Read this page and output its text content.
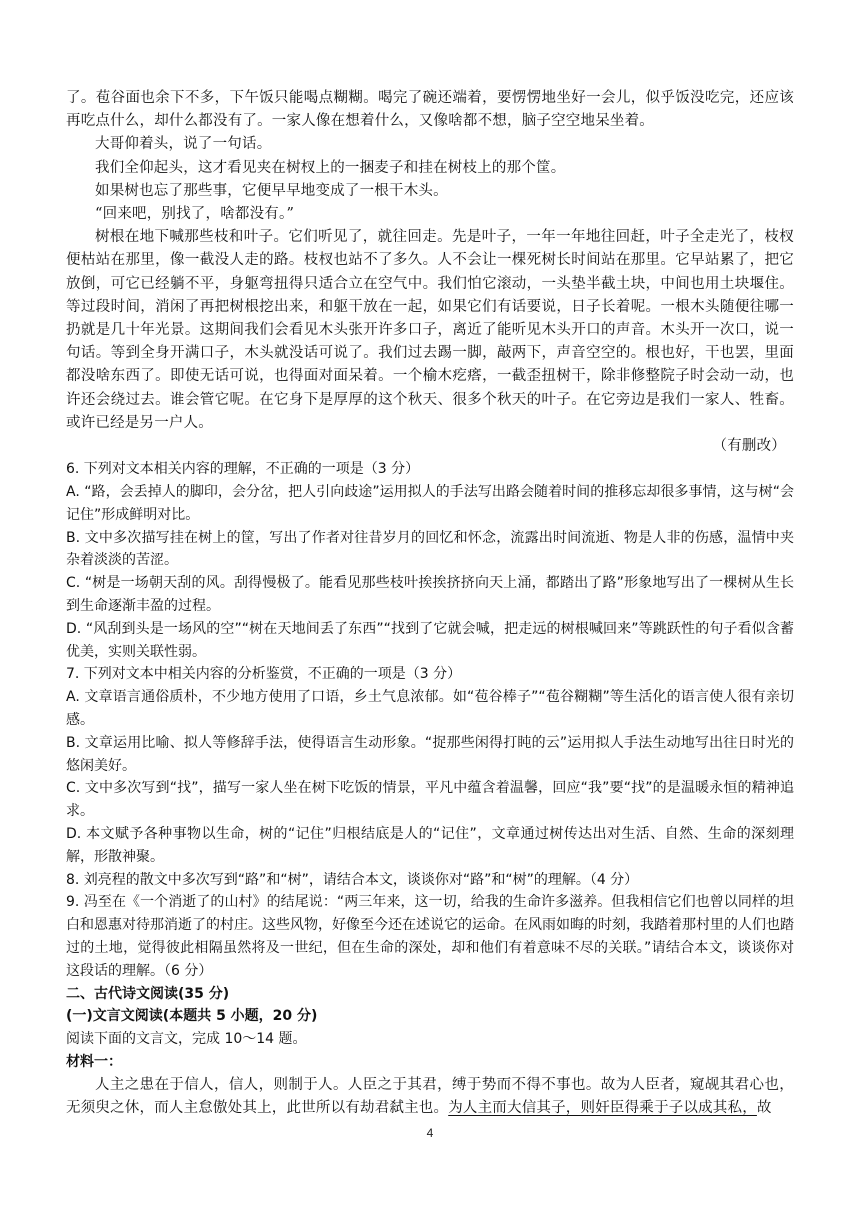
了。苞谷面也余下不多，下午饭只能喝点糊糊。喝完了碗还端着，要愣愣地坐好一会儿，似乎饭没吃完，还应该再吃点什么，却什么都没有了。一家人像在想着什么，又像啥都不想，脑子空空地呆坐着。

大哥仰着头，说了一句话。

我们全仰起头，这才看见夹在树杈上的一捆麦子和挂在树枝上的那个筐。

如果树也忘了那些事，它便早早地变成了一根干木头。

“回来吧，别找了，啥都没有。”

树根在地下喊那些枝和叶子。它们听见了，就往回走。先是叶子，一年一年地往回赶，叶子全走光了，枝杈便枯站在那里，像一截没人走的路。枝杈也站不了多久。人不会让一棵死树长时间站在那里。它早站累了，把它放倒，可它已经躺不平，身躯弯扭得只适合立在空气中。我们怕它滚动，一头垫半截土块，中间也用土块堰住。等过段时间，消闲了再把树根挖出来，和躯干放在一起，如果它们有话要说，日子长着呢。一根木头随便往哪一扔就是几十年光景。这期间我们会看见木头张开许多口子，离近了能听见木头开口的声音。木头开一次口，说一句话。等到全身开满口子，木头就没话可说了。我们过去踢一脚，敲两下，声音空空的。根也好，干也罢，里面都没啥东西了。即使无话可说，也得面对面呆着。一个榆木疙瘩，一截歪扭树干，除非修整院子时会动一动，也许还会绕过去。谁会管它呢。在它身下是厚厚的这个秋天、很多个秋天的叶子。在它旁边是我们一家人、牲畜。或许已经是另一户人。

（有删改）

6. 下列对文本相关内容的理解，不正确的一项是（3 分）

A. “路，会丢掉人的脚印，会分岔，把人引向歧途”运用拟人的手法写出路会随着时间的推移忘却很多事情，这与树“会记住”形成鲜明对比。

B. 文中多次描写挂在树上的筐，写出了作者对往昔岁月的回忆和怀念，流露出时间流逝、物是人非的伤感，温情中夹杂着淡淡的苦涩。

C. “树是一场朝天刮的风。刮得慢极了。能看见那些枝叶挨挨挤挤向天上涌，都踏出了路”形象地写出了一棵树从生长到生命逐渐丰盈的过程。

D. “风刮到头是一场风的空”“树在天地间丢了东西”“找到了它就会喊，把走远的树根喊回来”等跳跃性的句子看似含蓄优美，实则关联性弱。

7. 下列对文本中相关内容的分析鉴赏，不正确的一项是（3 分）

A. 文章语言通俗质朴，不少地方使用了口语，乡土气息浓郁。如“苞谷棒子”“苞谷糊糊”等生活化的语言使人很有亲切感。

B. 文章运用比喻、拟人等修辞手法，使得语言生动形象。“捉那些闲得打盹的云”运用拟人手法生动地写出往日时光的悠闲美好。

C. 文中多次写到“找”，描写一家人坐在树下吃饭的情景，平凡中蕴含着温馨，回应“我”要“找”的是温暖永恒的精神追求。

D. 本文赋予各种事物以生命，树的“记住”归根结底是人的“记住”，文章通过树传达出对生活、自然、生命的深刻理解，形散神聚。

8. 刘亮程的散文中多次写到“路”和“树”，请结合本文，谈谈你对“路”和“树”的理解。（4 分）

9. 冯至在《一个消逝了的山村》的结尾说：“两三年来，这一切，给我的生命许多滋养。但我相信它们也曾以同样的坦白和恩惠对待那消逝了的村庄。这些风物，好像至今还在述说它的运命。在风雨如晦的时刻，我踏着那村里的人们也踏过的土地，觉得彼此相隔虽然将及一世纪，但在生命的深处，却和他们有着意味不尽的关联。”请结合本文，谈谈你对这段话的理解。（6 分）

二、古代诗文阅读(35 分)

(一)文言文阅读(本题共 5 小题，20 分)

阅读下面的文言文，完成 10～14 题。

材料一：

人主之患在于信人，信人，则制于人。人臣之于其君，缚于势而不得不事也。故为人臣者，窥觇其君心也，无须臾之休，而人主怠傲处其上，此世所以有劫君弑主也。为人主而大信其子，则奸臣得乘于子以成其私，故

4
